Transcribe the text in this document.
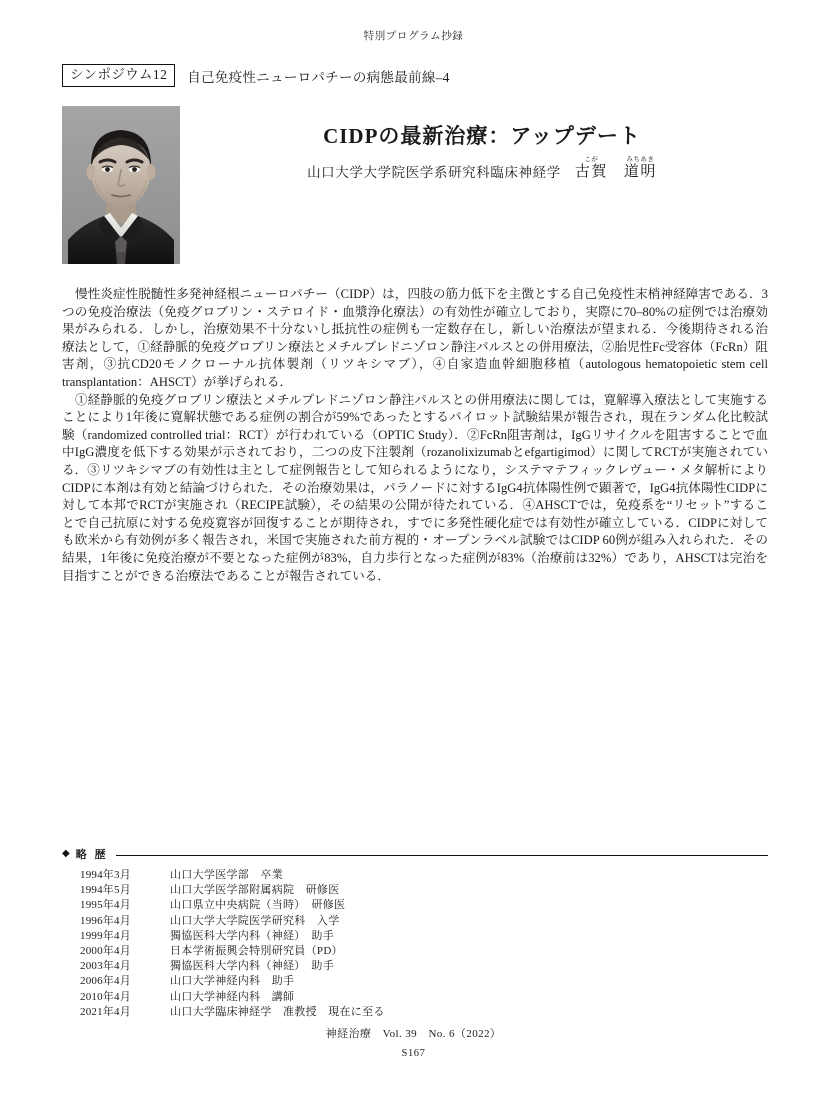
特別プログラム抄録
シンポジウム12	自己免疫性ニューロパチーの病態最前線–4
CIDPの最新治療：アップデート
山口大学大学院医学系研究科臨床神経学
こが
古賀
みちあき
道明

慢性炎症性脱髄性多発神経根ニューロパチー（CIDP）は，四肢の筋力低下を主徴とする自己免疫性末梢神経障害である．3つの免疫治療法（免疫グロブリン・ステロイド・血漿浄化療法）の有効性が確立しており，実際に70–80%の症例では治療効果がみられる．しかし，治療効果不十分ないし抵抗性の症例も一定数存在し，新しい治療法が望まれる．今後期待される治療法として，①経静脈的免疫グロブリン療法とメチルプレドニゾロン静注パルスとの併用療法，②胎児性Fc受容体（FcRn）阻害剤，③抗CD20モノクローナル抗体製剤（リツキシマブ），④自家造血幹細胞移植（autologous hematopoietic stem cell transplantation：AHSCT）が挙げられる．

①経静脈的免疫グロブリン療法とメチルプレドニゾロン静注パルスとの併用療法に関しては，寛解導入療法として実施することにより1年後に寛解状態である症例の割合が59%であったとするパイロット試験結果が報告され，現在ランダム化比較試験（randomized controlled trial：RCT）が行われている（OPTIC Study）．②FcRn阻害剤は，IgGリサイクルを阻害することで血中IgG濃度を低下する効果が示されており，二つの皮下注製剤（rozanolixizumabとefgartigimod）に関してRCTが実施されている．③リツキシマブの有効性は主として症例報告として知られるようになり，システマテフィックレヴュー・メタ解析によりCIDPに本剤は有効と結論づけられた．その治療効果は，パラノードに対するIgG4抗体陽性例で顕著で，IgG4抗体陽性CIDPに対して本邦でRCTが実施され（RECIPE試験），その結果の公開が待たれている．④AHSCTでは，免疫系を“リセット”することで自己抗原に対する免疫寛容が回復することが期待され，すでに多発性硬化症では有効性が確立している．CIDPに対しても欧米から有効例が多く報告され，米国で実施された前方視的・オープンラベル試験ではCIDP 60例が組み入れられた．その結果，1年後に免疫治療が不要となった症例が83%，自力歩行となった症例が83%（治療前は32%）であり，AHSCTは完治を目指すことができる治療法であることが報告されている．

◆ 略 歴
1994年3月	山口大学医学部　卒業
1994年5月	山口大学医学部附属病院　研修医
1995年4月	山口県立中央病院（当時）　研修医
1996年4月	山口大学大学院医学研究科　入学
1999年4月	獨協医科大学内科（神経）　助手
2000年4月	日本学術振興会特別研究員（PD）
2003年4月	獨協医科大学内科（神経）　助手
2006年4月	山口大学神経内科　助手
2010年4月	山口大学神経内科　講師
2021年4月	山口大学臨床神経学　准教授　現在に至る
神経治療　Vol. 39　No. 6（2022）
S167
